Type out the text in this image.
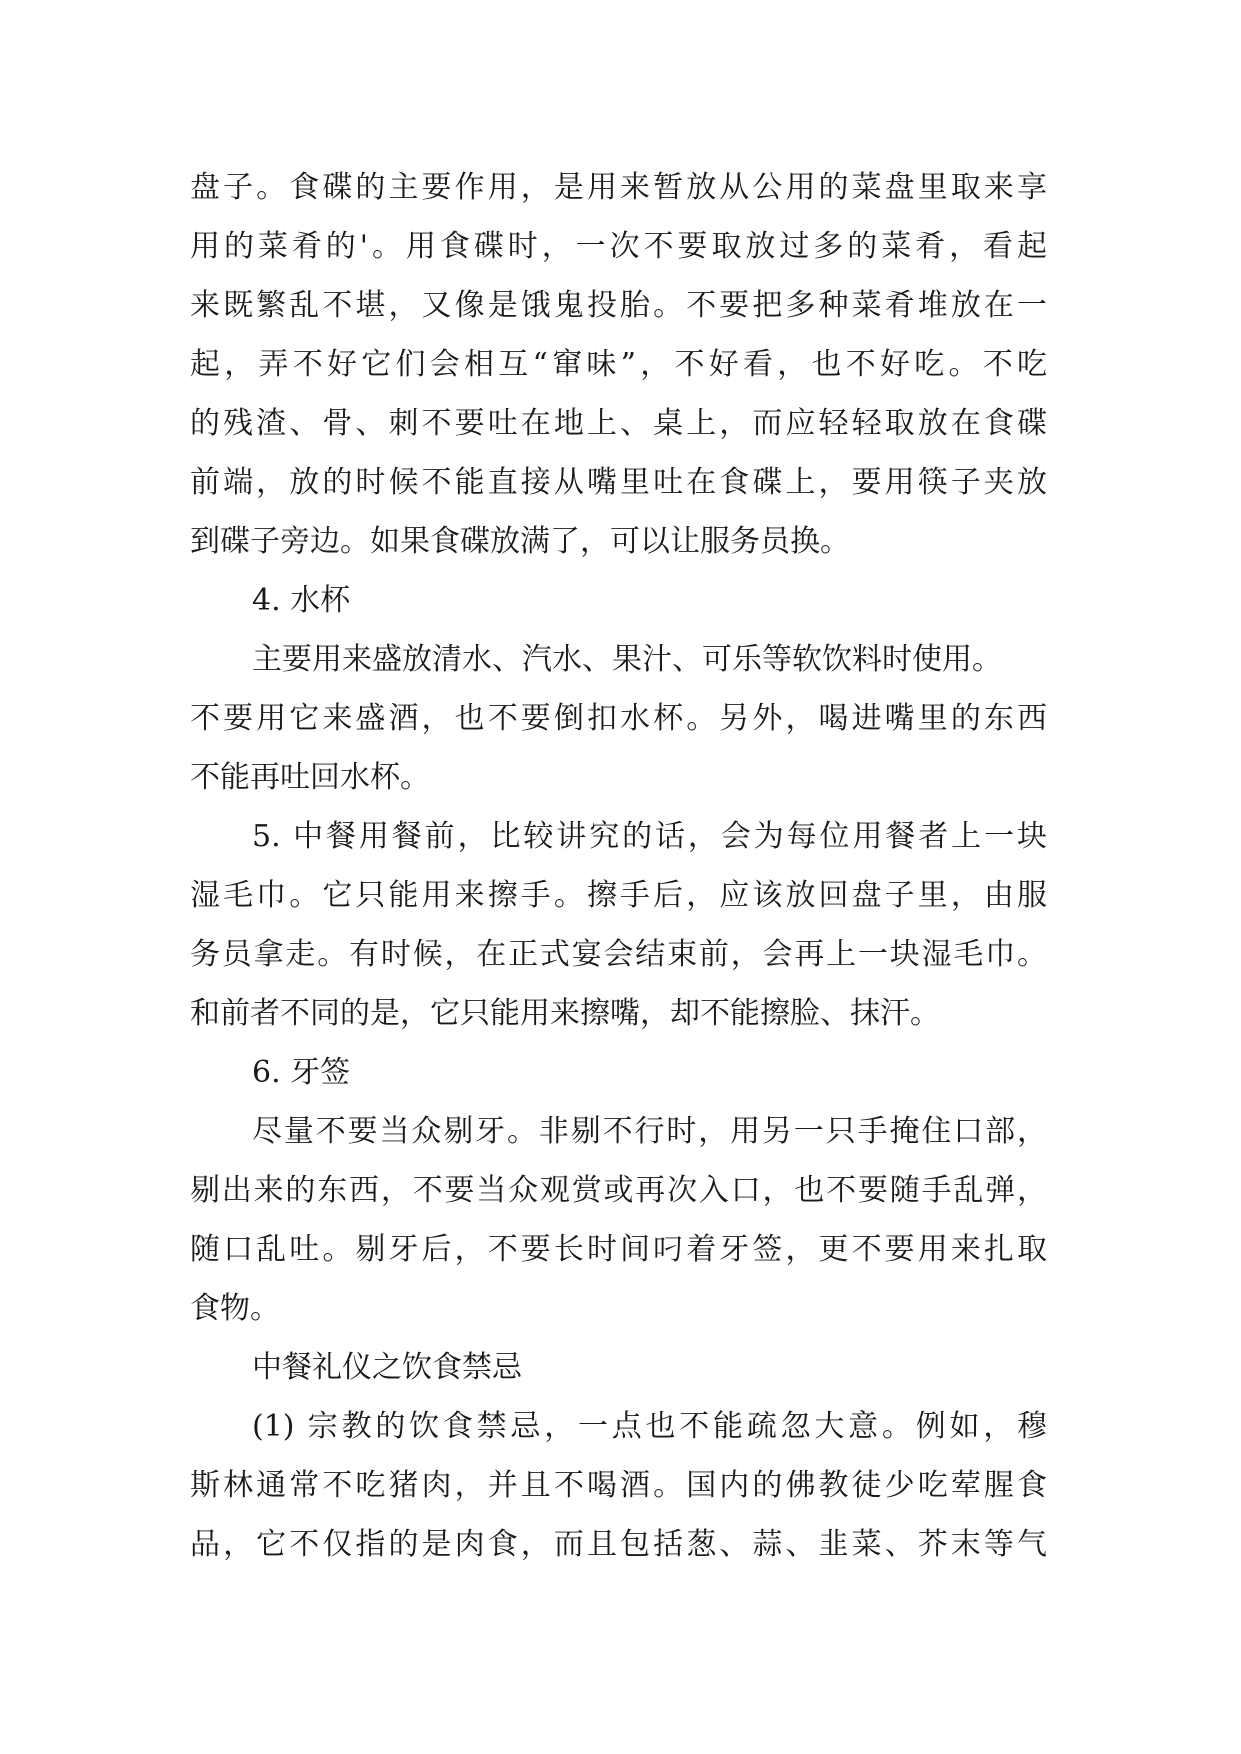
盘子。食碟的主要作用，是用来暂放从公用的菜盘里取来享
用的菜肴的'。用食碟时，一次不要取放过多的菜肴，看起
来既繁乱不堪，又像是饿鬼投胎。不要把多种菜肴堆放在一
起，弄不好它们会相互“窜味”，不好看，也不好吃。不吃
的残渣、骨、刺不要吐在地上、桌上，而应轻轻取放在食碟
前端，放的时候不能直接从嘴里吐在食碟上，要用筷子夹放
到碟子旁边。如果食碟放满了，可以让服务员换。
4. 水杯
主要用来盛放清水、汽水、果汁、可乐等软饮料时使用。
不要用它来盛酒，也不要倒扣水杯。另外，喝进嘴里的东西
不能再吐回水杯。
5. 中餐用餐前，比较讲究的话，会为每位用餐者上一块
湿毛巾。它只能用来擦手。擦手后，应该放回盘子里，由服
务员拿走。有时候，在正式宴会结束前，会再上一块湿毛巾。
和前者不同的是，它只能用来擦嘴，却不能擦脸、抹汗。
6. 牙签
尽量不要当众剔牙。非剔不行时，用另一只手掩住口部，
剔出来的东西，不要当众观赏或再次入口，也不要随手乱弹，
随口乱吐。剔牙后，不要长时间叼着牙签，更不要用来扎取
食物。
中餐礼仪之饮食禁忌
(1) 宗教的饮食禁忌，一点也不能疏忽大意。例如，穆
斯林通常不吃猪肉，并且不喝酒。国内的佛教徒少吃荤腥食
品，它不仅指的是肉食，而且包括葱、蒜、韭菜、芥末等气
